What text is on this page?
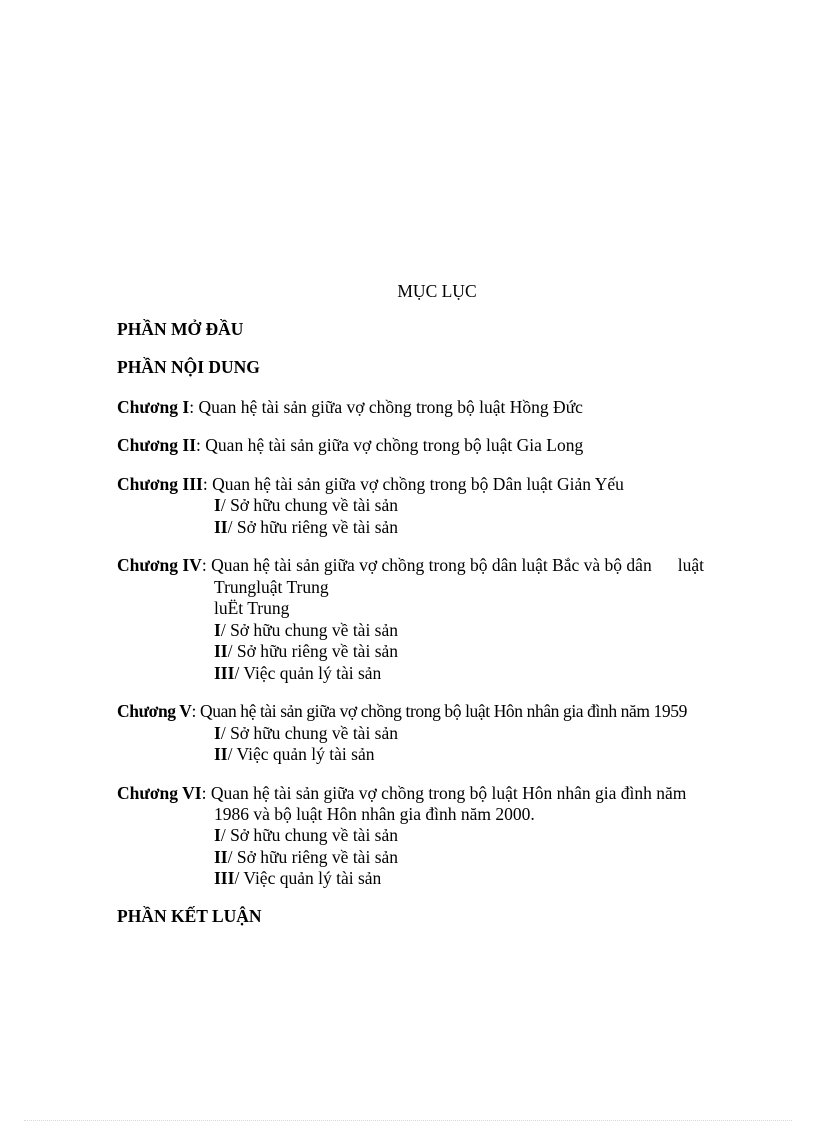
MỤC LỤC
PHẦN MỞ ĐẦU
PHẦN NỘI DUNG
Chương I: Quan hệ tài sản giữa vợ chồng trong bộ luật Hồng Đức
Chương II: Quan hệ tài sản giữa vợ chồng trong bộ luật Gia Long
Chương III: Quan hệ tài sản giữa vợ chồng trong bộ Dân luật Giản Yếu
I/ Sở hữu chung về tài sản
II/ Sở hữu riêng về tài sản
Chương IV: Quan hệ tài sản giữa vợ chồng trong bộ dân luật Bắc và bộ dân luật
Trungluật Trung
luËt Trung
I/ Sở hữu chung về tài sản
II/ Sở hữu riêng về tài sản
III/ Việc quản lý tài sản
Chương V: Quan hệ tài sản giữa vợ chồng trong bộ luật Hôn nhân gia đình năm 1959
I/ Sở hữu chung về tài sản
II/ Việc quản lý tài sản
Chương VI: Quan hệ tài sản giữa vợ chồng trong bộ luật Hôn nhân gia đình năm
1986 và bộ luật Hôn nhân gia đình năm 2000.
I/ Sở hữu chung về tài sản
II/ Sở hữu riêng về tài sản
III/ Việc quản lý tài sản
PHẦN KẾT LUẬN
